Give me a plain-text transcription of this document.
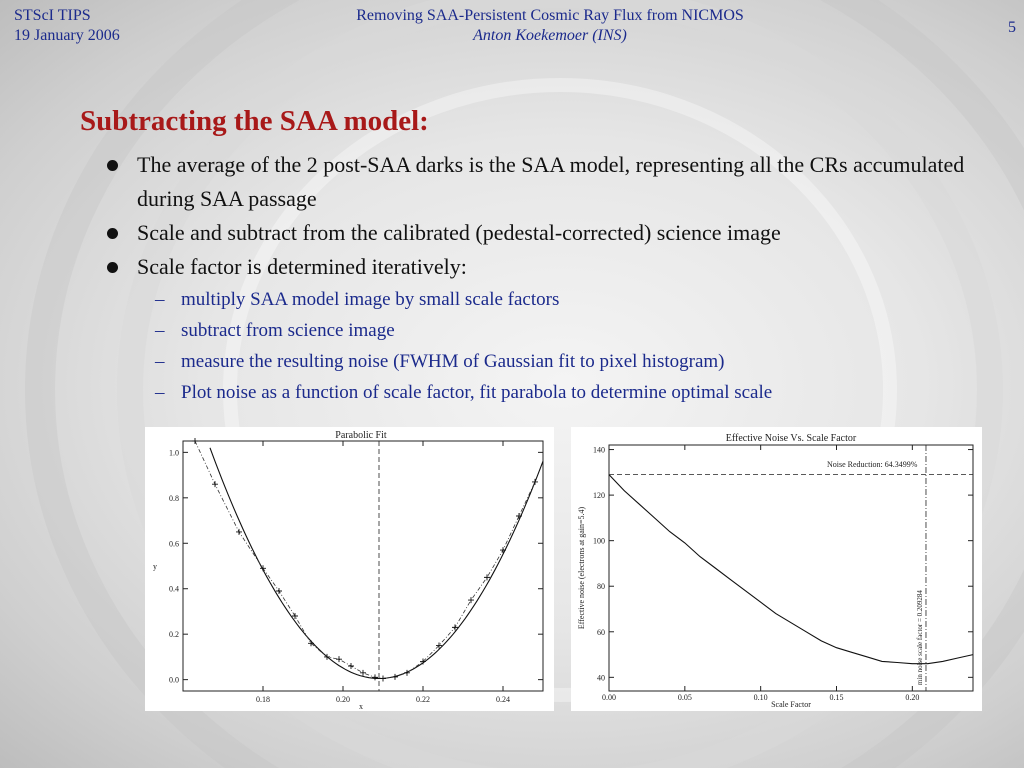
STScI TIPS
19 January 2006
Removing SAA-Persistent Cosmic Ray Flux from NICMOS
Anton Koekemoer (INS)	5
Subtracting the SAA model:
The average of the 2 post-SAA darks is the SAA model, representing all the CRs accumulated during SAA passage
Scale and subtract from the calibrated (pedestal-corrected) science image
Scale factor is determined iteratively:
– multiply SAA model image by small scale factors
– subtract from science image
– measure the resulting noise (FWHM of Gaussian fit to pixel histogram)
– Plot noise as a function of scale factor, fit parabola to determine optimal scale
Parabolic Fit
y
x
0.18	0.20	0.22	0.24
0.0
0.2
0.4
0.6
0.8
1.0
Effective Noise Vs. Scale Factor
Scale Factor
Effective noise (electrons at gain=5.4)
Noise Reduction: 64.3499%
0.00	0.05	0.10	0.15	0.20
40
60
80
100
120
140
min noise scale factor = 0.209284
